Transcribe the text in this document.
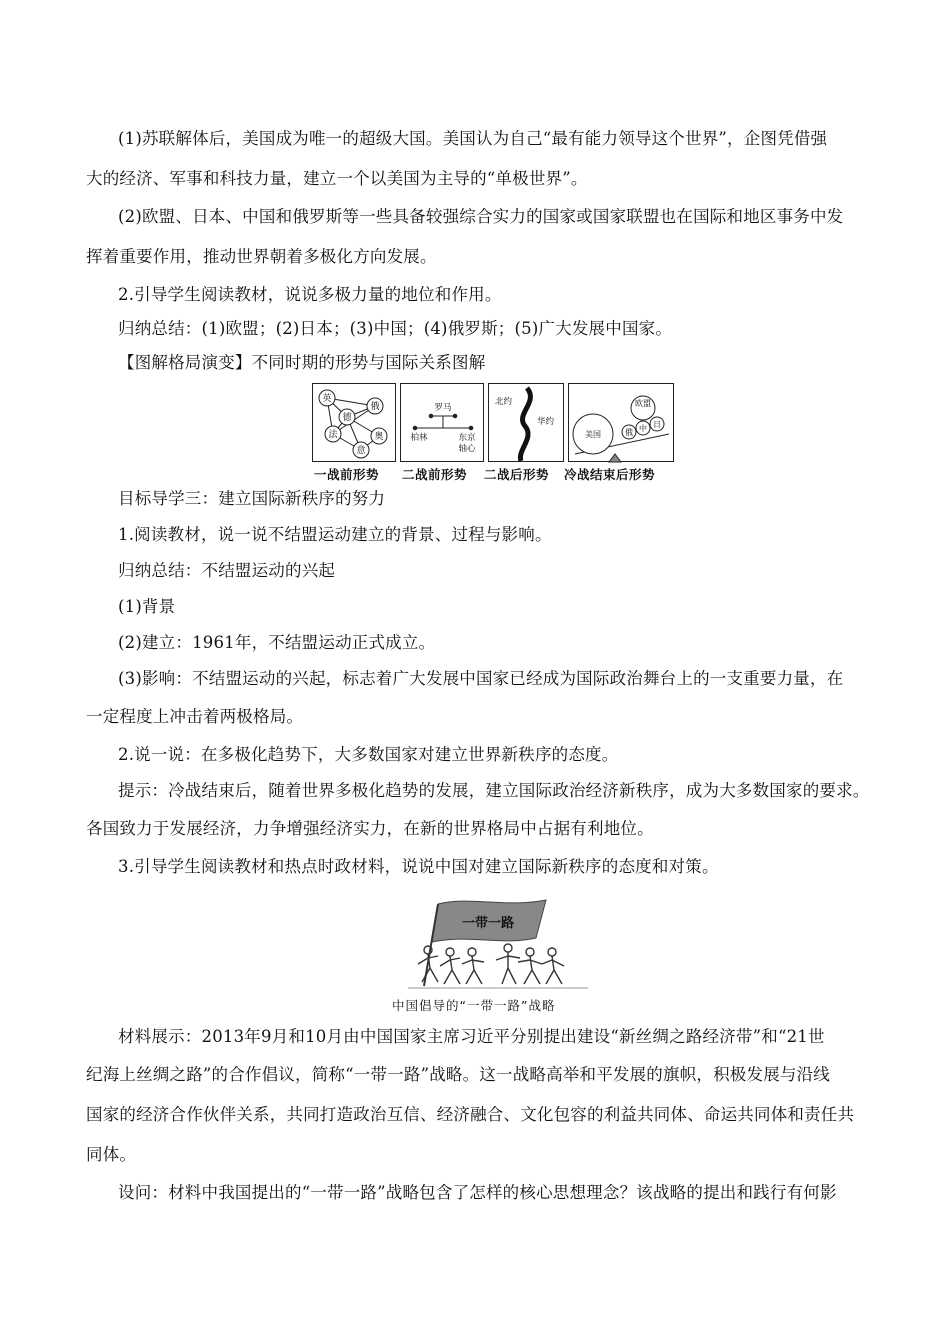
(1)苏联解体后，美国成为唯一的超级大国。美国认为自己“最有能力领导这个世界”，企图凭借强
大的经济、军事和科技力量，建立一个以美国为主导的“单极世界”。
(2)欧盟、日本、中国和俄罗斯等一些具备较强综合实力的国家或国家联盟也在国际和地区事务中发
挥着重要作用，推动世界朝着多极化方向发展。
2.引导学生阅读教材，说说多极力量的地位和作用。
归纳总结：(1)欧盟；(2)日本；(3)中国；(4)俄罗斯；(5)广大发展中国家。
【图解格局演变】不同时期的形势与国际关系图解
英
俄
德
法	奥
意
罗马
柏林	东京
轴心
北约
华约
欧盟
美国
中
俄
日
一战前形势 二战前形势 二战后形势 冷战结束后形势
目标导学三：建立国际新秩序的努力
1.阅读教材，说一说不结盟运动建立的背景、过程与影响。
归纳总结：不结盟运动的兴起
(1)背景
(2)建立：1961年，不结盟运动正式成立。
(3)影响：不结盟运动的兴起，标志着广大发展中国家已经成为国际政治舞台上的一支重要力量，在
一定程度上冲击着两极格局。
2.说一说：在多极化趋势下，大多数国家对建立世界新秩序的态度。
提示：冷战结束后，随着世界多极化趋势的发展，建立国际政治经济新秩序，成为大多数国家的要求。
各国致力于发展经济，力争增强经济实力，在新的世界格局中占据有利地位。
3.引导学生阅读教材和热点时政材料，说说中国对建立国际新秩序的态度和对策。
一带一路
中国倡导的“一带一路”战略
材料展示：2013年9月和10月由中国国家主席习近平分别提出建设“新丝绸之路经济带”和“21世
纪海上丝绸之路”的合作倡议，简称“一带一路”战略。这一战略高举和平发展的旗帜，积极发展与沿线
国家的经济合作伙伴关系，共同打造政治互信、经济融合、文化包容的利益共同体、命运共同体和责任共
同体。
设问：材料中我国提出的“一带一路”战略包含了怎样的核心思想理念？该战略的提出和践行有何影
